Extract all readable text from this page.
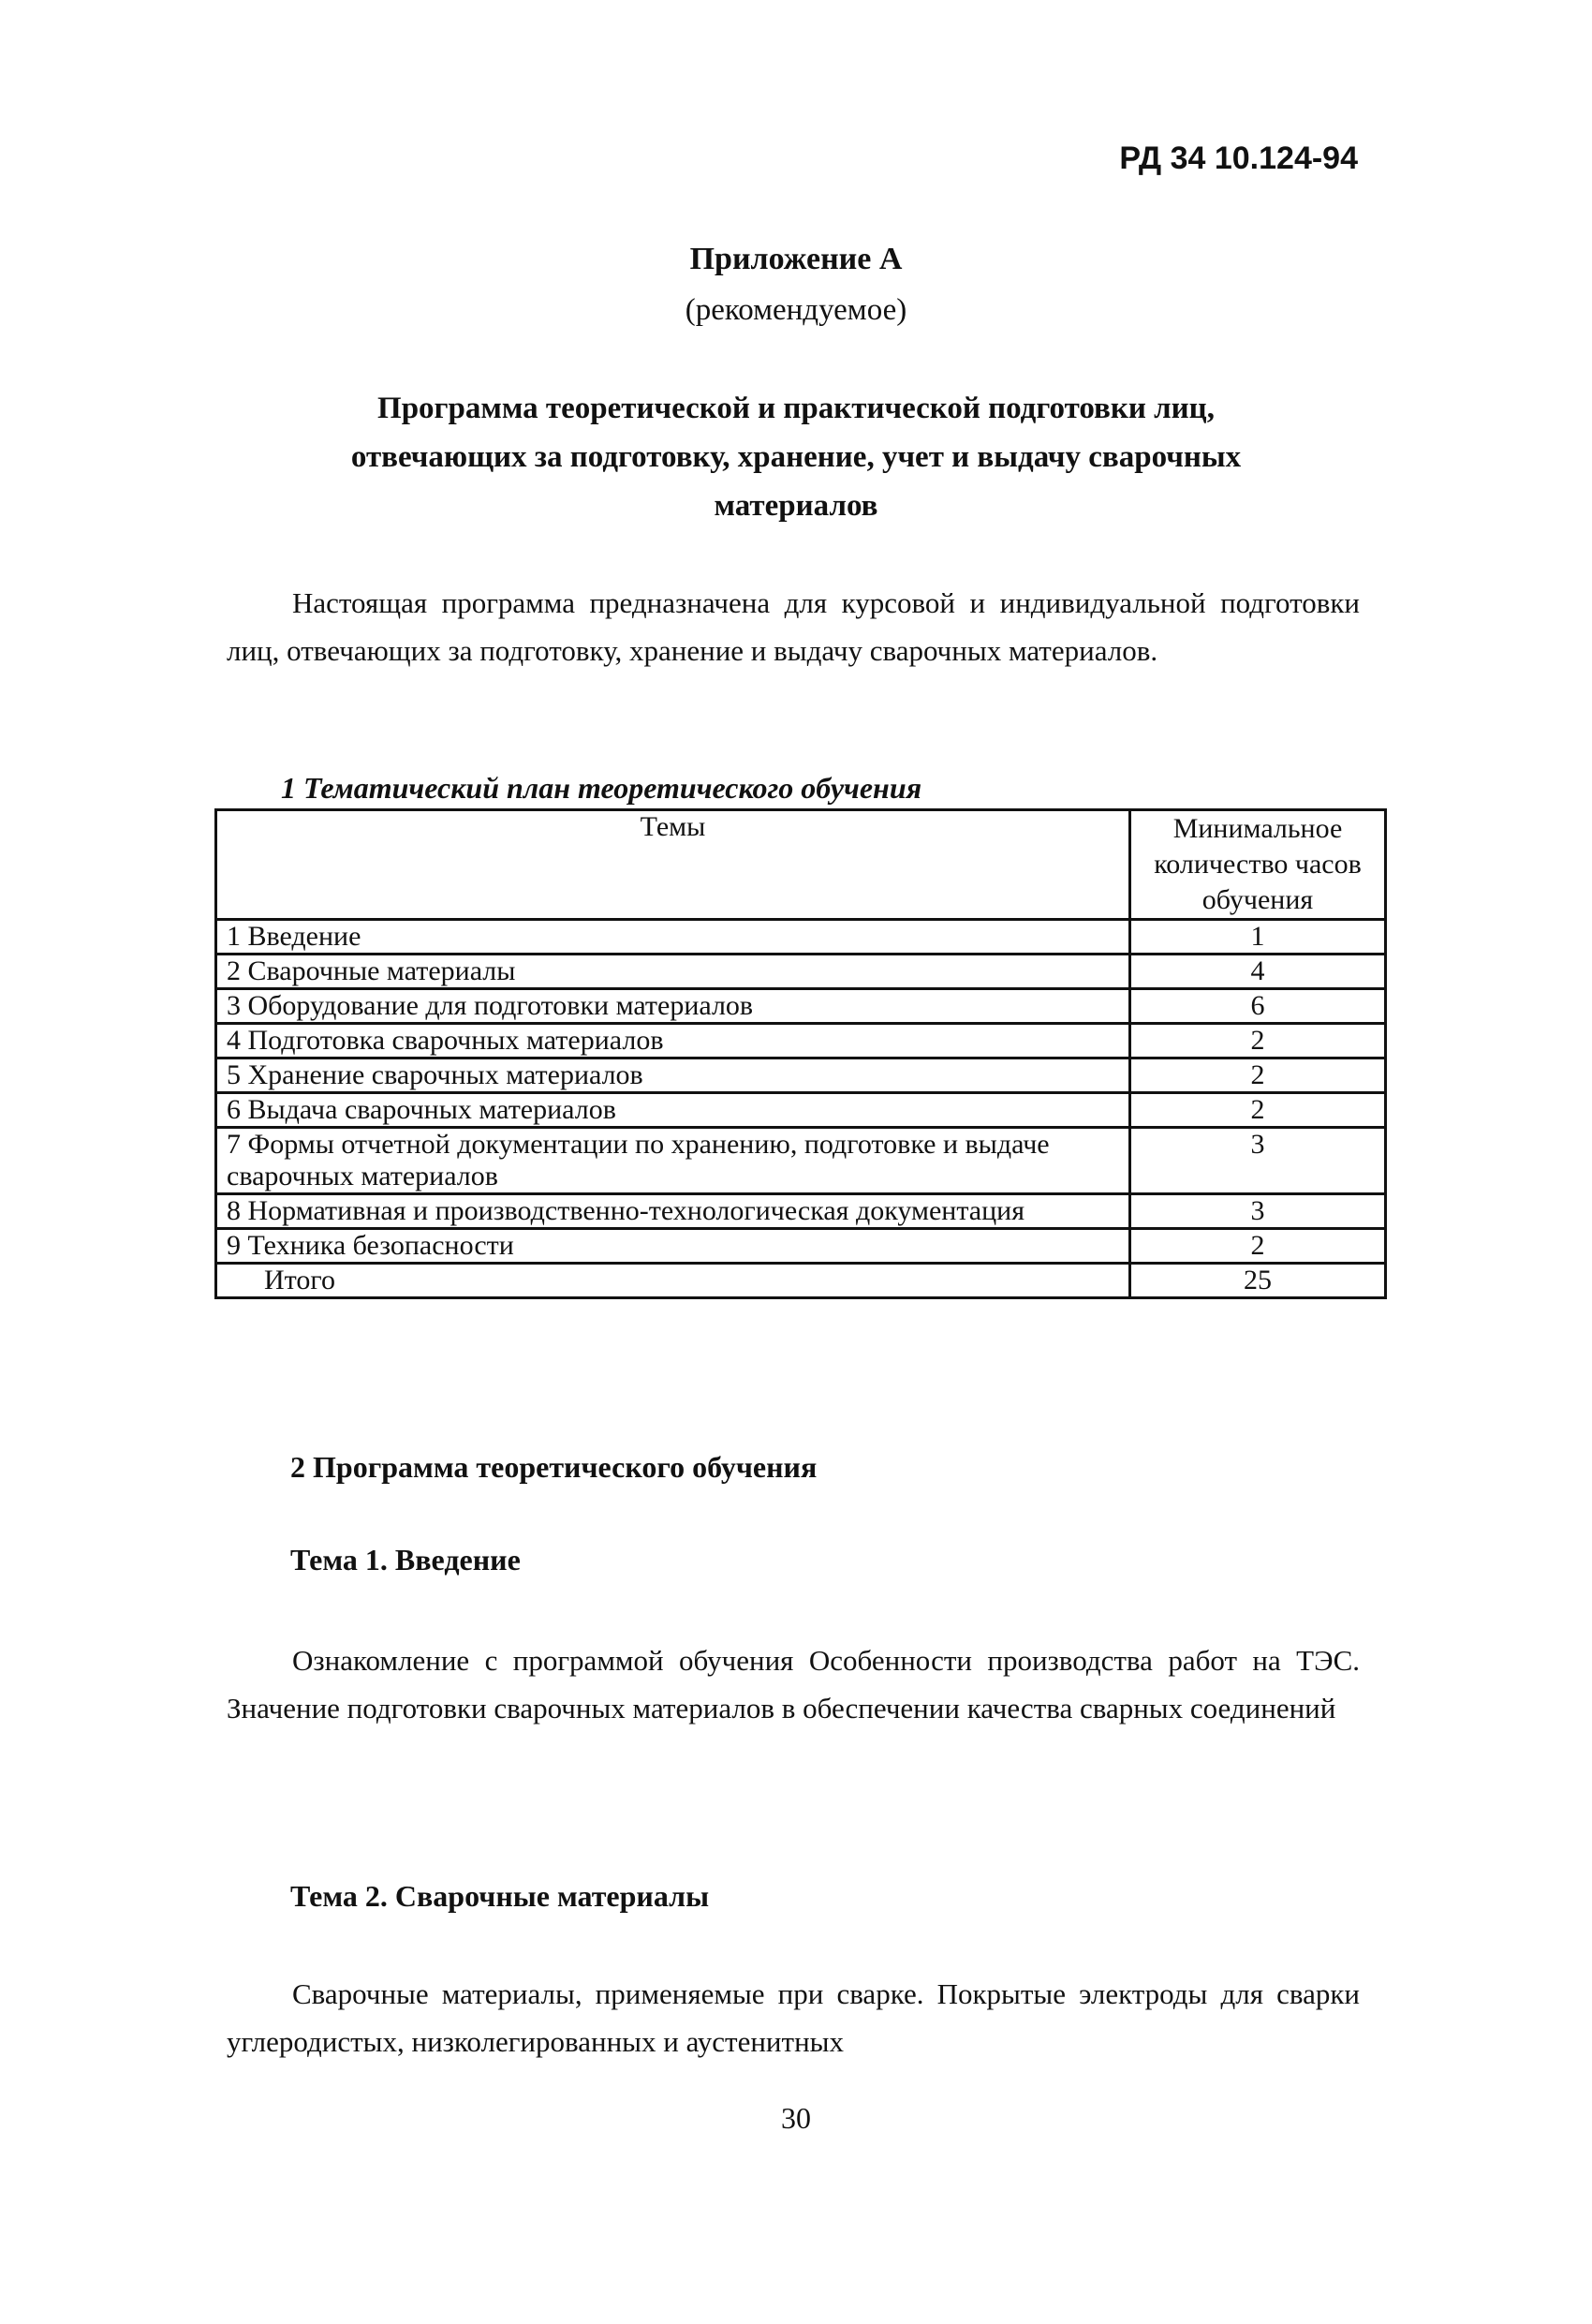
РД 34 10.124-94
Приложение А
(рекомендуемое)
Программа теоретической и практической подготовки лиц, отвечающих за подготовку, хранение, учет и выдачу сварочных материалов
Настоящая программа предназначена для курсовой и индивидуальной подготовки лиц, отвечающих за подготовку, хранение и выдачу сварочных материалов.
1 Тематический план теоретического обучения
Темы	Минимальное количество часов обучения
1 Введение	1
2 Сварочные материалы	4
3 Оборудование для подготовки материалов	6
4 Подготовка сварочных материалов	2
5 Хранение сварочных материалов	2
6 Выдача сварочных материалов	2
7 Формы отчетной документации по хранению, подготовке и выдаче сварочных материалов	3
8 Нормативная и производственно-технологическая документация	3
9 Техника безопасности	2
Итого	25
2 Программа теоретического обучения
Тема 1. Введение
Ознакомление с программой обучения Особенности производства работ на ТЭС. Значение подготовки сварочных материалов в обеспечении качества сварных соединений
Тема 2. Сварочные материалы
Сварочные материалы, применяемые при сварке. Покрытые электроды для сварки углеродистых, низколегированных и аустенитных
30
